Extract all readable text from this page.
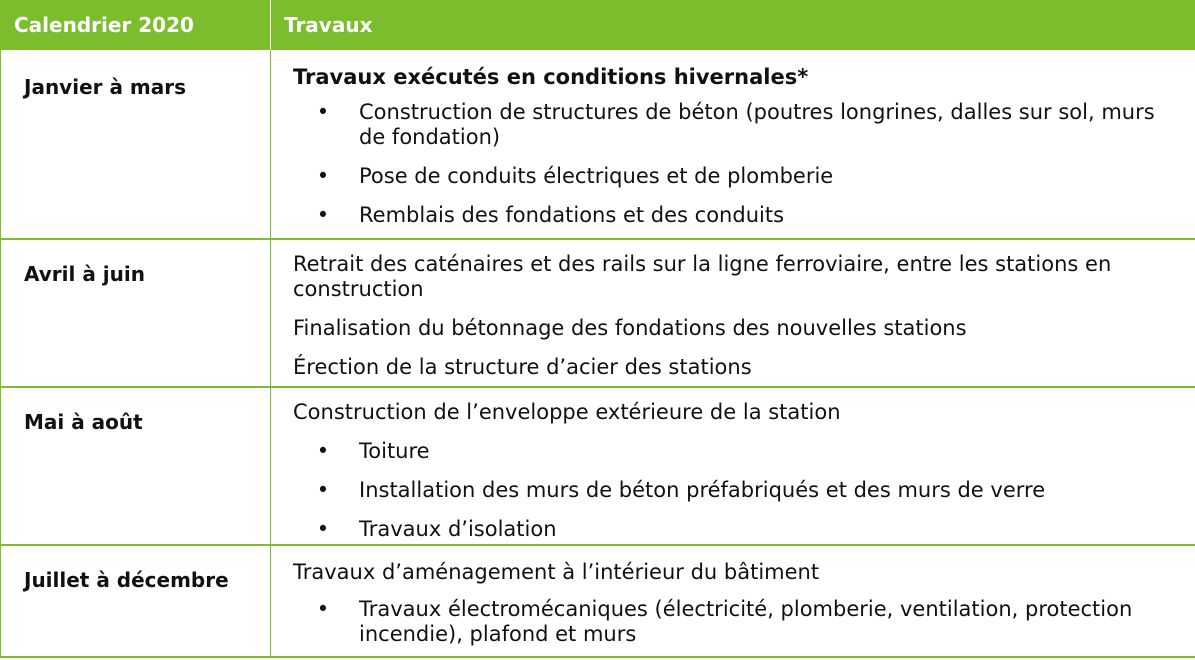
Calendrier 2020	Travaux
Janvier à mars	Travaux exécutés en conditions hivernales*
• Construction de structures de béton (poutres longrines, dalles sur sol, murs de fondation)
• Pose de conduits électriques et de plomberie
• Remblais des fondations et des conduits
Avril à juin	Retrait des caténaires et des rails sur la ligne ferroviaire, entre les stations en construction
Finalisation du bétonnage des fondations des nouvelles stations
Érection de la structure d’acier des stations
Mai à août	Construction de l’enveloppe extérieure de la station
• Toiture
• Installation des murs de béton préfabriqués et des murs de verre
• Travaux d’isolation
Juillet à décembre	Travaux d’aménagement à l’intérieur du bâtiment
• Travaux électromécaniques (électricité, plomberie, ventilation, protection incendie), plafond et murs
